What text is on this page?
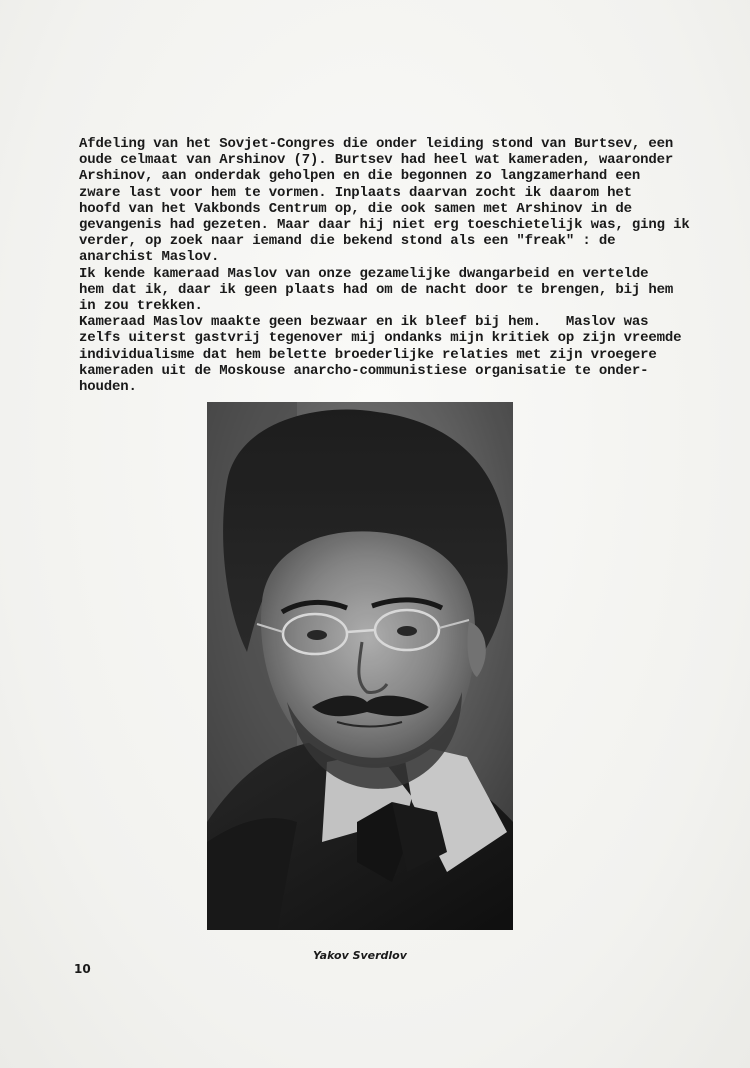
Afdeling van het Sovjet-Congres die onder leiding stond van Burtsev, een
oude celmaat van Arshinov (7). Burtsev had heel wat kameraden, waaronder
Arshinov, aan onderdak geholpen en die begonnen zo langzamerhand een
zware last voor hem te vormen. Inplaats daarvan zocht ik daarom het
hoofd van het Vakbonds Centrum op, die ook samen met Arshinov in de
gevangenis had gezeten. Maar daar hij niet erg toeschietelijk was, ging ik
verder, op zoek naar iemand die bekend stond als een "freak" : de
anarchist Maslov.
Ik kende kameraad Maslov van onze gezamelijke dwangarbeid en vertelde
hem dat ik, daar ik geen plaats had om de nacht door te brengen, bij hem
in zou trekken.
Kameraad Maslov maakte geen bezwaar en ik bleef bij hem.   Maslov was
zelfs uiterst gastvrij tegenover mij ondanks mijn kritiek op zijn vreemde
individualisme dat hem belette broederlijke relaties met zijn vroegere
kameraden uit de Moskouse anarcho-communistiese organisatie te onder-
houden.
Yakov Sverdlov
10
